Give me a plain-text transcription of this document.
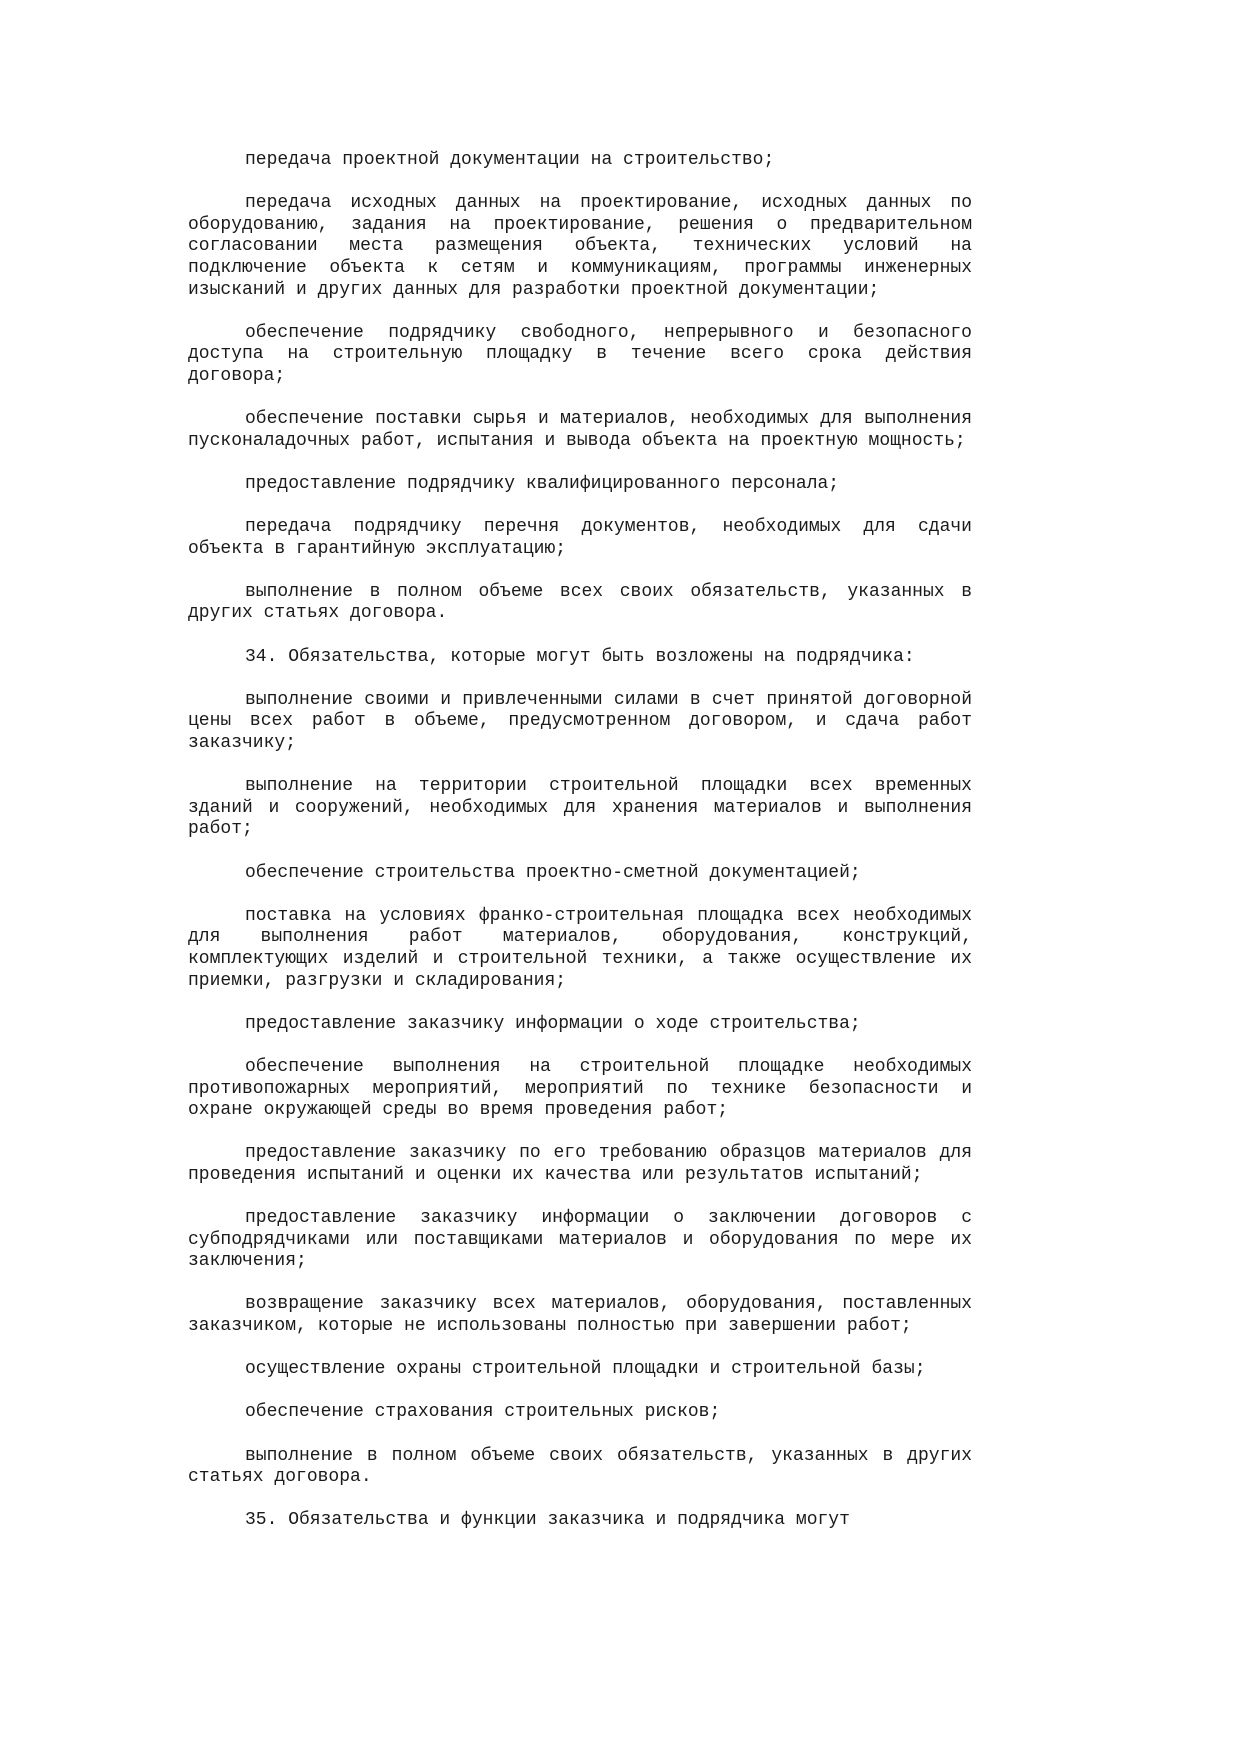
передача проектной документации на строительство;

передача исходных данных на проектирование, исходных данных по оборудованию, задания на проектирование, решения о предварительном согласовании места размещения объекта, технических условий на подключение объекта к сетям и коммуникациям, программы инженерных изысканий и других данных для разработки проектной документации;

обеспечение подрядчику свободного, непрерывного и безопасного доступа на строительную площадку в течение всего срока действия договора;

обеспечение поставки сырья и материалов, необходимых для выполнения пусконаладочных работ, испытания и вывода объекта на проектную мощность;

предоставление подрядчику квалифицированного персонала;

передача подрядчику перечня документов, необходимых для сдачи объекта в гарантийную эксплуатацию;

выполнение в полном объеме всех своих обязательств, указанных в других статьях договора.

34. Обязательства, которые могут быть возложены на подрядчика:

выполнение своими и привлеченными силами в счет принятой договорной цены всех работ в объеме, предусмотренном договором, и сдача работ заказчику;

выполнение на территории строительной площадки всех временных зданий и сооружений, необходимых для хранения материалов и выполнения работ;

обеспечение строительства проектно-сметной документацией;

поставка на условиях франко-строительная площадка всех необходимых для выполнения работ материалов, оборудования, конструкций, комплектующих изделий и строительной техники, а также осуществление их приемки, разгрузки и складирования;

предоставление заказчику информации о ходе строительства;

обеспечение выполнения на строительной площадке необходимых противопожарных мероприятий, мероприятий по технике безопасности и охране окружающей среды во время проведения работ;

предоставление заказчику по его требованию образцов материалов для проведения испытаний и оценки их качества или результатов испытаний;

предоставление заказчику информации о заключении договоров с субподрядчиками или поставщиками материалов и оборудования по мере их заключения;

возвращение заказчику всех материалов, оборудования, поставленных заказчиком, которые не использованы полностью при завершении работ;

осуществление охраны строительной площадки и строительной базы;

обеспечение страхования строительных рисков;

выполнение в полном объеме своих обязательств, указанных в других статьях договора.

35. Обязательства и функции заказчика и подрядчика могут
